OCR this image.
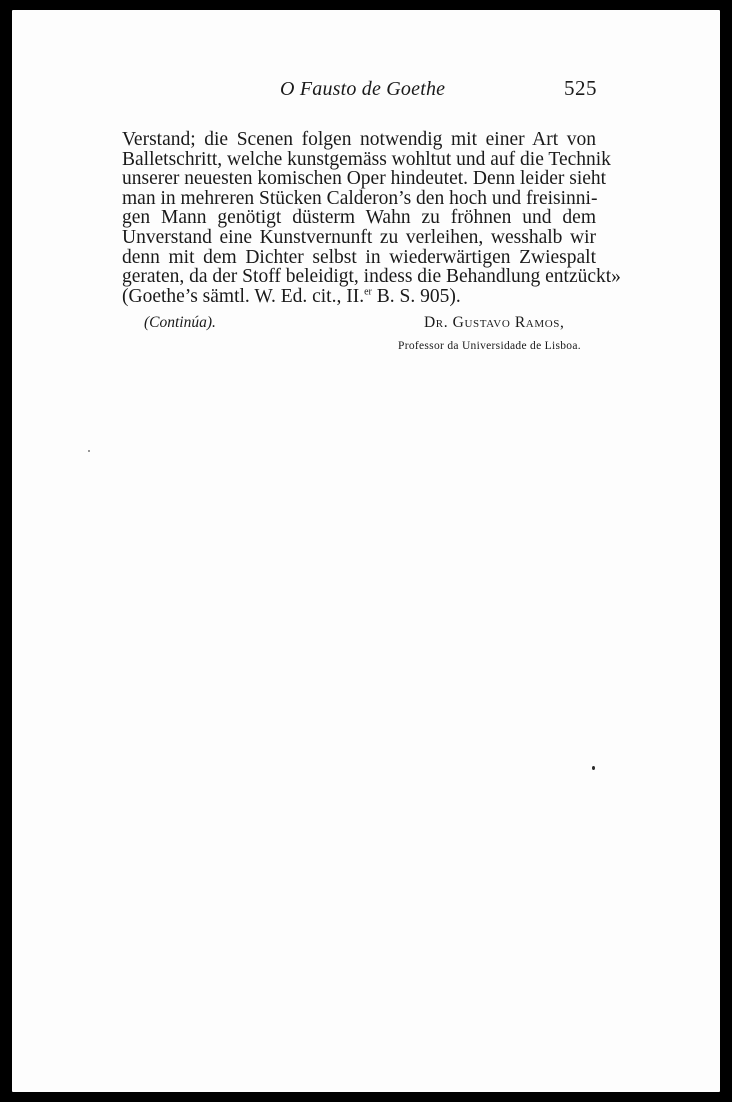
O Fausto de Goethe	525
Verstand; die Scenen folgen notwendig mit einer Art von
Balletschritt, welche kunstgemäss wohltut und auf die Technik
unserer neuesten komischen Oper hindeutet. Denn leider sieht
man in mehreren Stücken Calderon’s den hoch und freisinni-
gen Mann genötigt düsterm Wahn zu fröhnen und dem
Unverstand eine Kunstvernunft zu verleihen, wesshalb wir
denn mit dem Dichter selbst in wiederwärtigen Zwiespalt
geraten, da der Stoff beleidigt, indess die Behandlung entzückt»
(Goethe’s sämtl. W. Ed. cit., II.$^{er}$ B. S. 905).
(Continúa).	Dr. Gustavo Ramos,
Professor da Universidade de Lisboa.
